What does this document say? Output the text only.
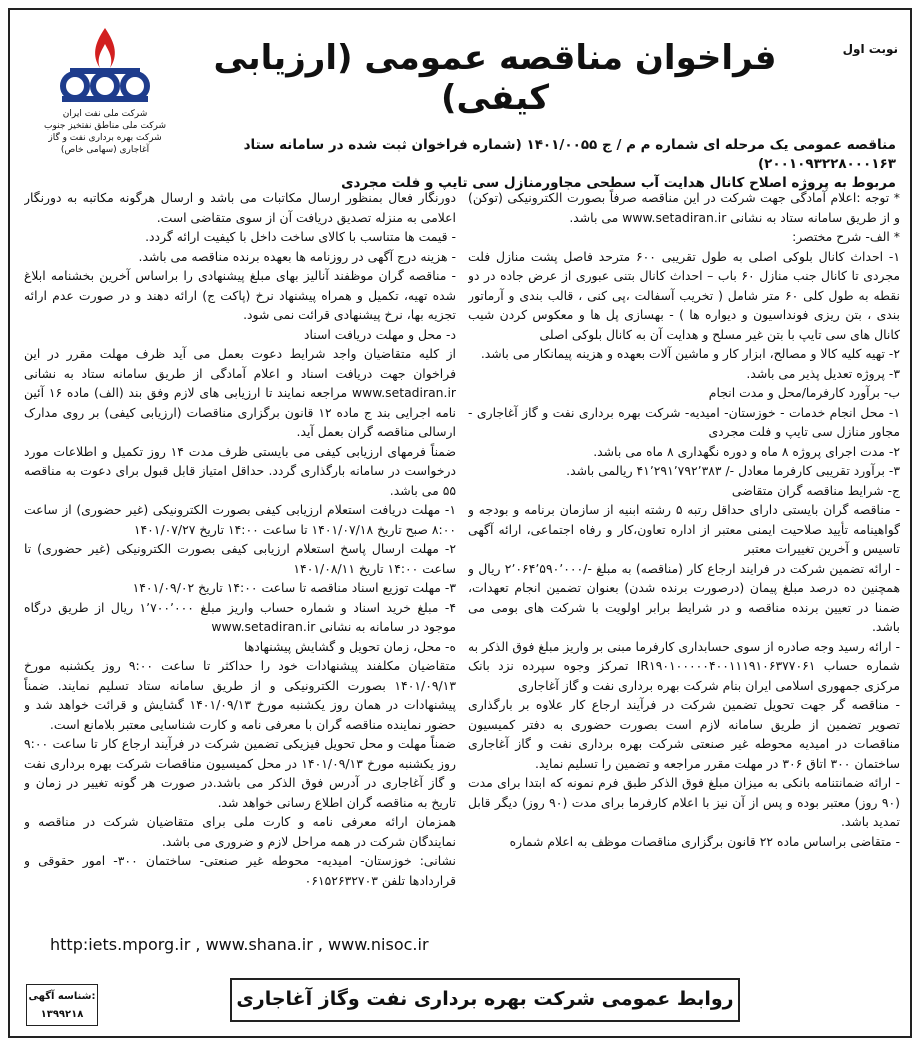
نوبت اول
فراخوان مناقصه عمومی (ارزیابی کیفی)
شرکت ملی نفت ایران
شرکت ملی مناطق نفتخیز جنوب
شرکت بهره برداری نفت و گاز
آغاجاری (سهامی خاص)	مناقصه عمومی یک مرحله ای شماره م م / ج ۱۴۰۱/۰۰۵۵ (شماره فراخوان ثبت شده در سامانه ستاد ۲۰۰۱۰۹۳۲۲۸۰۰۰۱۶۳)
مربوط به پروژه اصلاح کانال هدایت آب سطحی مجاورمنازل سی تایپ و فلت مجردی

* توجه :اعلام آمادگی جهت شرکت در این مناقصه صرفاً بصورت الکترونیکی (توکن) و از طریق سامانه ستاد به نشانی www.setadiran.ir می باشد.

* الف- شرح مختصر:

۱- احداث کانال بلوکی اصلی به طول تقریبی ۶۰۰ مترحد فاصل پشت منازل فلت مجردی تا کانال جنب منازل ۶۰ باب – احداث کانال بتنی عبوری از عرض جاده در دو نقطه به طول کلی ۶۰ متر شامل ( تخریب آسفالت ،پی کنی ، قالب بندی و آرماتور بندی ، بتن ریزی فونداسیون و دیواره ها ) - بهسازی پل ها و معکوس کردن شیب کانال های سی تایپ با بتن غیر مسلح و هدایت آن به کانال بلوکی اصلی

۲- تهیه کلیه کالا و مصالح، ابزار کار و ماشین آلات بعهده و هزینه پیمانکار می باشد.

۳- پروژه تعدیل پذیر می باشد.

ب- برآورد کارفرما/محل و مدت انجام

۱- محل انجام خدمات - خوزستان- امیدیه- شرکت بهره برداری نفت و گاز آغاجاری - مجاور منازل سی تایپ و فلت مجردی

۲- مدت اجرای پروژه ۸ ماه و دوره نگهداری ۸ ماه می باشد.

۳- برآورد تقریبی کارفرما معادل -/ ۴۱٬۲۹۱٬۷۹۲٬۳۸۳ ریالمی باشد.

ج- شرایط مناقصه گران متقاضی

- مناقصه گران بایستی دارای حداقل رتبه ۵ رشته ابنیه از سازمان برنامه و بودجه و گواهینامه تأیید صلاحیت ایمنی معتبر از اداره تعاون،کار و رفاه اجتماعی، ارائه آگهی تاسیس و آخرین تغییرات معتبر

- ارائه تضمین شرکت در فرایند ارجاع کار (مناقصه) به مبلغ -/۲٬۰۶۴٬۵۹۰٬۰۰۰ ریال و همچنین ده درصد مبلغ پیمان (درصورت برنده شدن) بعنوان تضمین انجام تعهدات، ضمنا در تعیین برنده مناقصه و در شرایط برابر اولویت با شرکت های بومی می باشد.

- ارائه رسید وجه صادره از سوی حسابداری کارفرما مبنی بر واریز مبلغ فوق الذکر به شماره حساب IR۱۹۰۱۰۰۰۰۰۴۰۰۱۱۱۹۱۰۶۳۷۷۰۶۱ تمرکز وجوه سپرده نزد بانک مرکزی جمهوری اسلامی ایران بنام شرکت بهره برداری نفت و گاز آغاجاری

- مناقصه گر جهت تحویل تضمین شرکت در فرآیند ارجاع کار علاوه بر بارگذاری تصویر تضمین از طریق سامانه لازم است بصورت حضوری به دفتر کمیسیون مناقصات در امیدیه محوطه غیر صنعتی شرکت بهره برداری نفت و گاز آغاجاری ساختمان ۳۰۰ اتاق ۳۰۶ در مهلت مقرر مراجعه و تضمین را تسلیم نماید.

- ارائه ضمانتنامه بانکی به میزان مبلغ فوق الذکر طبق فرم نمونه که ابتدا برای مدت (۹۰ روز) معتبر بوده و پس از آن نیز با اعلام کارفرما برای مدت (۹۰ روز) دیگر قابل تمدید باشد.

- متقاضی براساس ماده ۲۲ قانون برگزاری مناقصات موظف به اعلام شماره

دورنگار فعال بمنظور ارسال مکاتبات می باشد و ارسال هرگونه مکاتبه به دورنگار اعلامی به منزله تصدیق دریافت آن از سوی متقاضی است.

- قیمت ها متناسب با کالای ساخت داخل با کیفیت ارائه گردد.

- هزینه درج آگهی در روزنامه ها بعهده برنده مناقصه می باشد.

- مناقصه گران موظفند آنالیز بهای مبلغ پیشنهادی را براساس آخرین بخشنامه ابلاغ شده تهیه، تکمیل و همراه پیشنهاد نرخ (پاکت ج) ارائه دهند و در صورت عدم ارائه تجزیه بها، نرخ پیشنهادی قرائت نمی شود.

د- محل و مهلت دریافت اسناد

از کلیه متقاضیان واجد شرایط دعوت بعمل می آید ظرف مهلت مقرر در این فراخوان جهت دریافت اسناد و اعلام آمادگی از طریق سامانه ستاد به نشانی www.setadiran.ir مراجعه نمایند تا ارزیابی های لازم وفق بند (الف) ماده ۱۶ آئین نامه اجرایی بند ج ماده ۱۲ قانون برگزاری مناقصات (ارزیابی کیفی) بر روی مدارک ارسالی مناقصه گران بعمل آید.

ضمناً فرمهای ارزیابی کیفی می بایستی ظرف مدت ۱۴ روز تکمیل و اطلاعات مورد درخواست در سامانه بارگذاری گردد. حداقل امتیاز قابل قبول برای دعوت به مناقصه ۵۵ می باشد.

۱- مهلت دریافت استعلام ارزیابی کیفی بصورت الکترونیکی (غیر حضوری) از ساعت ۸:۰۰ صبح تاریخ ۱۴۰۱/۰۷/۱۸ تا ساعت ۱۴:۰۰ تاریخ ۱۴۰۱/۰۷/۲۷

۲- مهلت ارسال پاسخ استعلام ارزیابی کیفی بصورت الکترونیکی (غیر حضوری) تا ساعت ۱۴:۰۰ تاریخ ۱۴۰۱/۰۸/۱۱

۳- مهلت توزیع اسناد مناقصه تا ساعت ۱۴:۰۰ تاریخ ۱۴۰۱/۰۹/۰۲

۴- مبلغ خرید اسناد و شماره حساب واریز مبلغ ۱٬۷۰۰٬۰۰۰ ریال از طریق درگاه موجود در سامانه به نشانی www.setadiran.ir

ه- محل، زمان تحویل و گشایش پیشنهادها

متقاضیان مکلفند پیشنهادات خود را حداکثر تا ساعت ۹:۰۰ روز یکشنبه مورخ ۱۴۰۱/۰۹/۱۳ بصورت الکترونیکی و از طریق سامانه ستاد تسلیم نمایند. ضمناً پیشنهادات در همان روز یکشنبه مورخ ۱۴۰۱/۰۹/۱۳ گشایش و قرائت خواهد شد و حضور نماینده مناقصه گران با معرفی نامه و کارت شناسایی معتبر بلامانع است.

ضمناً مهلت و محل تحویل فیزیکی تضمین شرکت در فرآیند ارجاع کار تا ساعت ۹:۰۰ روز یکشنبه مورخ ۱۴۰۱/۰۹/۱۳ در محل کمیسیون مناقصات شرکت بهره برداری نفت و گاز آغاجاری در آدرس فوق الذکر می باشد.در صورت هر گونه تغییر در زمان و تاریخ به مناقصه گران اطلاع رسانی خواهد شد.

همزمان ارائه معرفی نامه و کارت ملی برای متقاضیان شرکت در مناقصه و نمایندگان شرکت در همه مراحل لازم و ضروری می باشد.

نشانی: خوزستان- امیدیه- محوطه غیر صنعتی- ساختمان ۳۰۰- امور حقوقی و قراردادها تلفن ۰۶۱۵۲۶۳۲۷۰۳

http:iets.mporg.ir , www.shana.ir , www.nisoc.ir
شناسه آگهی:
۱۳۹۹۲۱۸
روابط عمومی شرکت بهره برداری نفت وگاز آغاجاری
